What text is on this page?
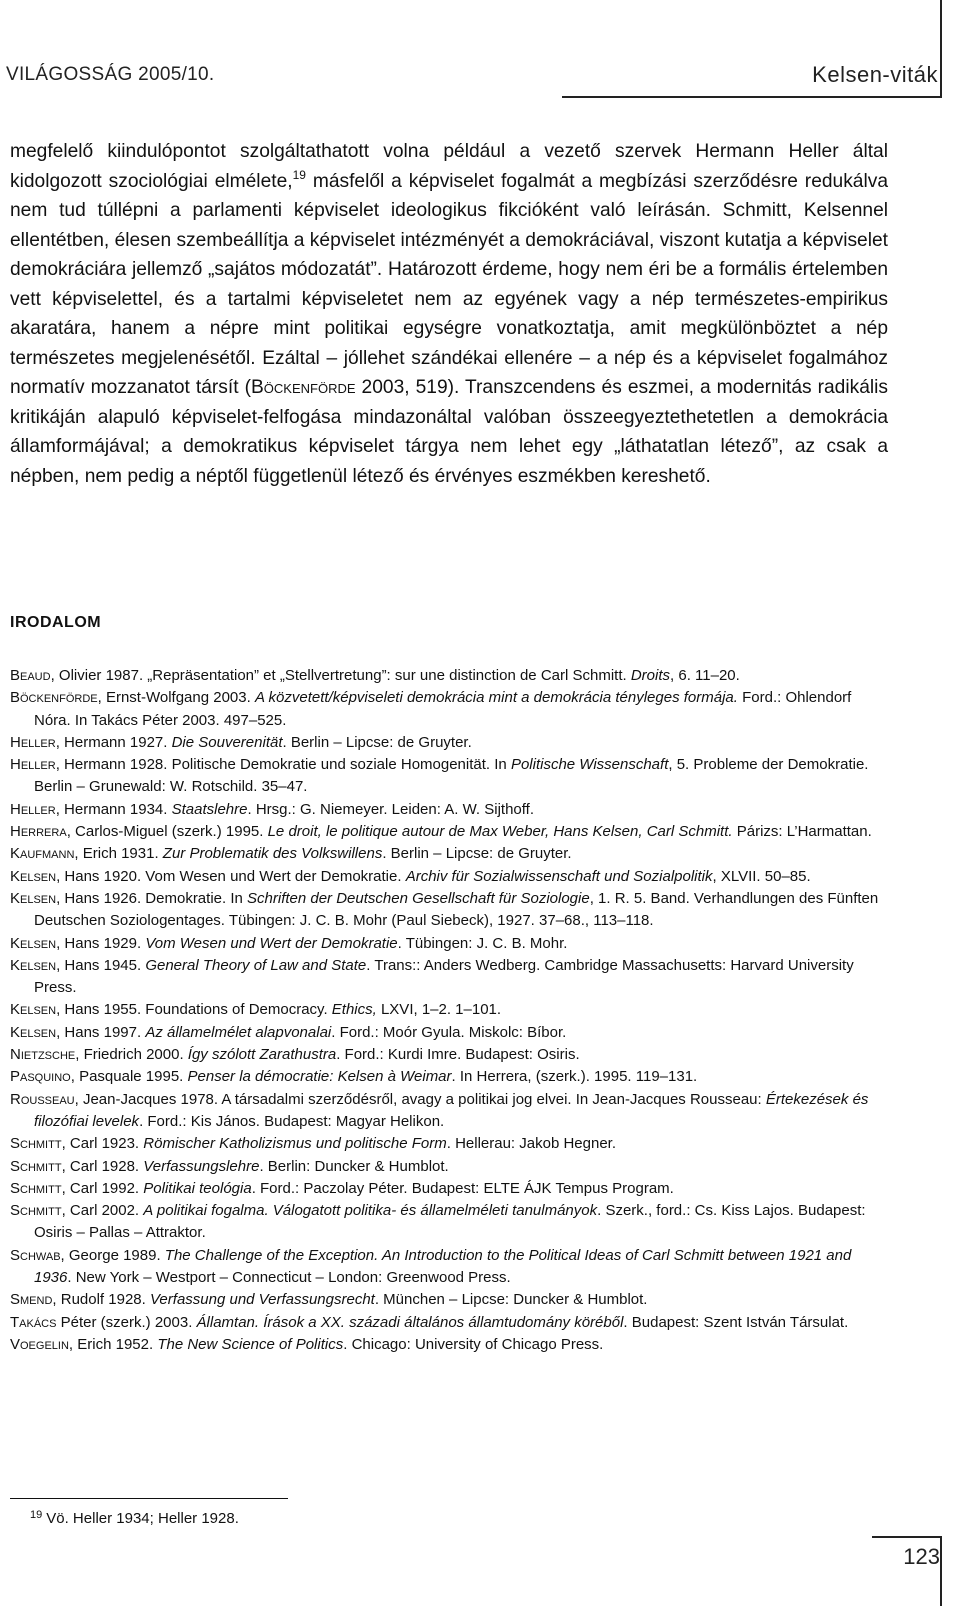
VILÁGOSSÁG 2005/10.	Kelsen-viták

megfelelő kiindulópontot szolgáltathatott volna például a vezető szervek Hermann Heller által kidolgozott szociológiai elmélete,$^{19}$ másfelől a képviselet fogalmát a megbízási szerződésre redukálva nem tud túllépni a parlamenti képviselet ideologikus fikcióként való leírásán. Schmitt, Kelsennel ellentétben, élesen szembeállítja a képviselet intézményét a demokráciával, viszont kutatja a képviselet demokráciára jellemző „sajátos módozatát”. Határozott érdeme, hogy nem éri be a formális értelemben vett képviselettel, és a tartalmi képviseletet nem az egyének vagy a nép természetes-empirikus akaratára, hanem a népre mint politikai egységre vonatkoztatja, amit megkülönböztet a nép természetes megjelenésétől. Ezáltal – jóllehet szándékai ellenére – a nép és a képviselet fogalmához normatív mozzanatot társít (Böckenförde 2003, 519). Transzcendens és eszmei, a modernitás radikális kritikáján alapuló képviselet-felfogása mindazonáltal valóban összeegyeztethetetlen a demokrácia államformájával; a demokratikus képviselet tárgya nem lehet egy „láthatatlan létező”, az csak a népben, nem pedig a néptől függetlenül létező és érvényes eszmékben kereshető.

IRODALOM
Beaud, Olivier 1987. „Repräsentation” et „Stellvertretung”: sur une distinction de Carl Schmitt. Droits, 6. 11–20.
Böckenförde, Ernst-Wolfgang 2003. A közvetett/képviseleti demokrácia mint a demokrácia tényleges formája. Ford.: Ohlendorf Nóra. In Takács Péter 2003. 497–525.
Heller, Hermann 1927. Die Souverenität. Berlin – Lipcse: de Gruyter.
Heller, Hermann 1928. Politische Demokratie und soziale Homogenität. In Politische Wissenschaft, 5. Probleme der Demokratie. Berlin – Grunewald: W. Rotschild. 35–47.
Heller, Hermann 1934. Staatslehre. Hrsg.: G. Niemeyer. Leiden: A. W. Sijthoff.
Herrera, Carlos-Miguel (szerk.) 1995. Le droit, le politique autour de Max Weber, Hans Kelsen, Carl Schmitt. Párizs: L’Harmattan.
Kaufmann, Erich 1931. Zur Problematik des Volkswillens. Berlin – Lipcse: de Gruyter.
Kelsen, Hans 1920. Vom Wesen und Wert der Demokratie. Archiv für Sozialwissenschaft und Sozialpolitik, XLVII. 50–85.
Kelsen, Hans 1926. Demokratie. In Schriften der Deutschen Gesellschaft für Soziologie, 1. R. 5. Band. Verhandlungen des Fünften Deutschen Soziologentages. Tübingen: J. C. B. Mohr (Paul Siebeck), 1927. 37–68., 113–118.
Kelsen, Hans 1929. Vom Wesen und Wert der Demokratie. Tübingen: J. C. B. Mohr.
Kelsen, Hans 1945. General Theory of Law and State. Trans:: Anders Wedberg. Cambridge Massachusetts: Harvard University Press.
Kelsen, Hans 1955. Foundations of Democracy. Ethics, LXVI, 1–2. 1–101.
Kelsen, Hans 1997. Az államelmélet alapvonalai. Ford.: Moór Gyula. Miskolc: Bíbor.
Nietzsche, Friedrich 2000. Így szólott Zarathustra. Ford.: Kurdi Imre. Budapest: Osiris.
Pasquino, Pasquale 1995. Penser la démocratie: Kelsen à Weimar. In Herrera, (szerk.). 1995. 119–131.
Rousseau, Jean-Jacques 1978. A társadalmi szerződésről, avagy a politikai jog elvei. In Jean-Jacques Rousseau: Értekezések és filozófiai levelek. Ford.: Kis János. Budapest: Magyar Helikon.
Schmitt, Carl 1923. Römischer Katholizismus und politische Form. Hellerau: Jakob Hegner.
Schmitt, Carl 1928. Verfassungslehre. Berlin: Duncker & Humblot.
Schmitt, Carl 1992. Politikai teológia. Ford.: Paczolay Péter. Budapest: ELTE ÁJK Tempus Program.
Schmitt, Carl 2002. A politikai fogalma. Válogatott politika- és államelméleti tanulmányok. Szerk., ford.: Cs. Kiss Lajos. Budapest: Osiris – Pallas – Attraktor.
Schwab, George 1989. The Challenge of the Exception. An Introduction to the Political Ideas of Carl Schmitt between 1921 and 1936. New York – Westport – Connecticut – London: Greenwood Press.
Smend, Rudolf 1928. Verfassung und Verfassungsrecht. München – Lipcse: Duncker & Humblot.
Takács Péter (szerk.) 2003. Államtan. Írások a XX. századi általános államtudomány köréből. Budapest: Szent István Társulat.
Voegelin, Erich 1952. The New Science of Politics. Chicago: University of Chicago Press.

$^{19}$ Vö. Heller 1934; Heller 1928.

123
